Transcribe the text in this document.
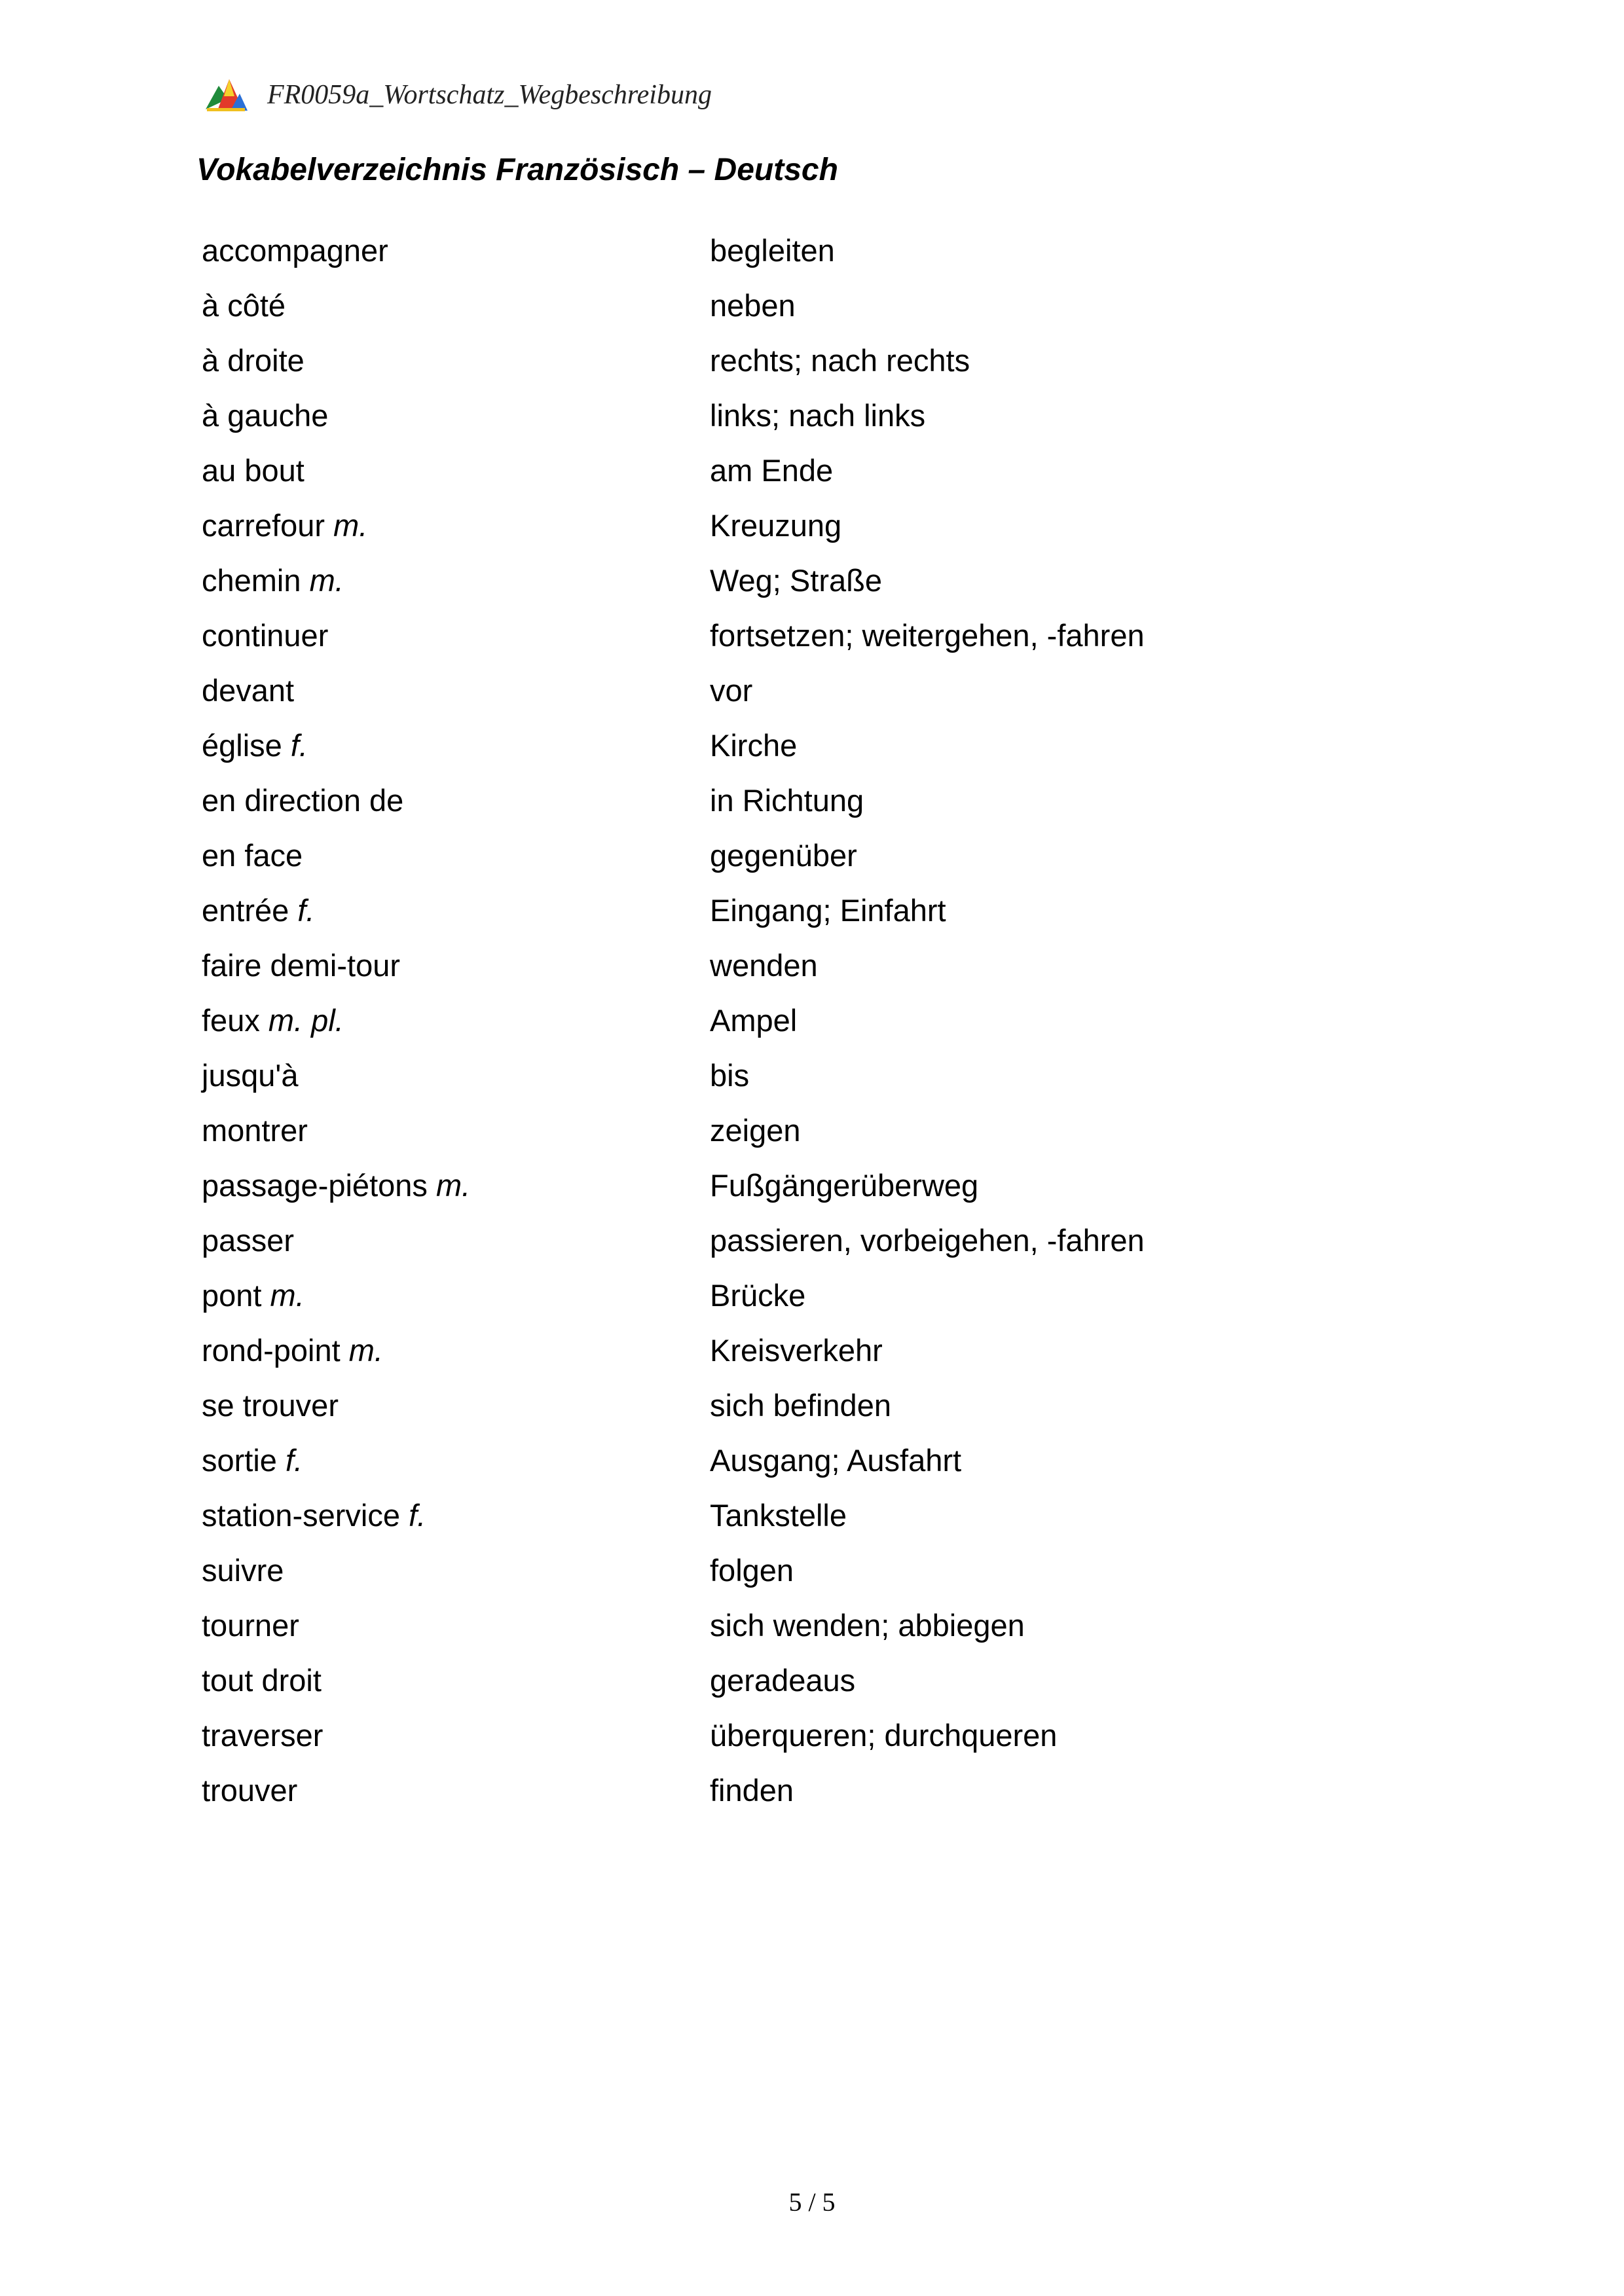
FR0059a_Wortschatz_Wegbeschreibung
Vokabelverzeichnis Französisch – Deutsch
accompagner	begleiten
à côté	neben
à droite	rechts; nach rechts
à gauche	links; nach links
au bout	am Ende
carrefour m.	Kreuzung
chemin m.	Weg; Straße
continuer	fortsetzen; weitergehen, -fahren
devant	vor
église f.	Kirche
en direction de	in Richtung
en face	gegenüber
entrée f.	Eingang; Einfahrt
faire demi-tour	wenden
feux m. pl.	Ampel
jusqu'à	bis
montrer	zeigen
passage-piétons m.	Fußgängerüberweg
passer	passieren, vorbeigehen, -fahren
pont m.	Brücke
rond-point m.	Kreisverkehr
se trouver	sich befinden
sortie f.	Ausgang; Ausfahrt
station-service f.	Tankstelle
suivre	folgen
tourner	sich wenden; abbiegen
tout droit	geradeaus
traverser	überqueren; durchqueren
trouver	finden
5 / 5
